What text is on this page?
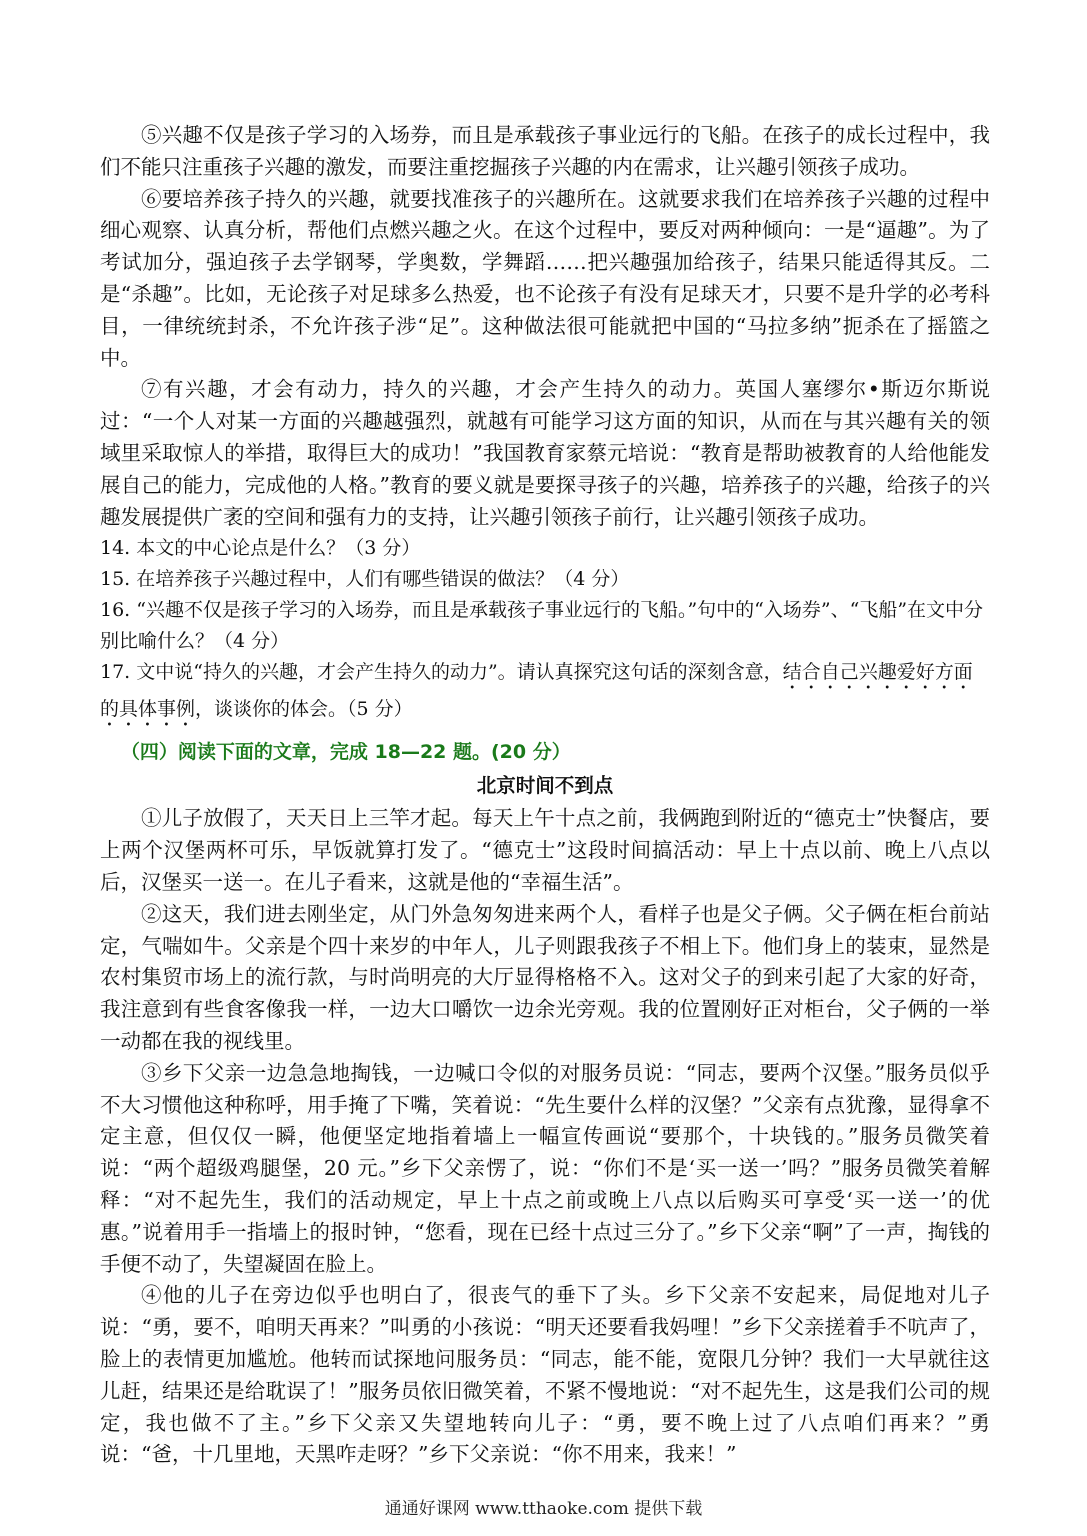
⑤兴趣不仅是孩子学习的入场券，而且是承载孩子事业远行的飞船。在孩子的成长过程中，我们不能只注重孩子兴趣的激发，而要注重挖掘孩子兴趣的内在需求，让兴趣引领孩子成功。

⑥要培养孩子持久的兴趣，就要找准孩子的兴趣所在。这就要求我们在培养孩子兴趣的过程中细心观察、认真分析，帮他们点燃兴趣之火。在这个过程中，要反对两种倾向：一是“逼趣”。为了考试加分，强迫孩子去学钢琴，学奥数，学舞蹈……把兴趣强加给孩子，结果只能适得其反。二是“杀趣”。比如，无论孩子对足球多么热爱，也不论孩子有没有足球天才，只要不是升学的必考科目，一律统统封杀，不允许孩子涉“足”。这种做法很可能就把中国的“马拉多纳”扼杀在了摇篮之中。

⑦有兴趣，才会有动力，持久的兴趣，才会产生持久的动力。英国人塞缪尔•斯迈尔斯说过：“一个人对某一方面的兴趣越强烈，就越有可能学习这方面的知识，从而在与其兴趣有关的领域里采取惊人的举措，取得巨大的成功！”我国教育家蔡元培说：“教育是帮助被教育的人给他能发展自己的能力，完成他的人格。”教育的要义就是要探寻孩子的兴趣，培养孩子的兴趣，给孩子的兴趣发展提供广袤的空间和强有力的支持，让兴趣引领孩子前行，让兴趣引领孩子成功。

14. 本文的中心论点是什么？（3 分）

15. 在培养孩子兴趣过程中，人们有哪些错误的做法？（4 分）

16. “兴趣不仅是孩子学习的入场券，而且是承载孩子事业远行的飞船。”句中的“入场券”、“飞船”在文中分别比喻什么？（4 分）

17. 文中说“持久的兴趣，才会产生持久的动力”。请认真探究这句话的深刻含意，结合自己兴趣爱好方面的具体事例，谈谈你的体会。（5 分）

（四）阅读下面的文章，完成 18—22 题。(20 分）

北京时间不到点

①儿子放假了，天天日上三竿才起。每天上午十点之前，我俩跑到附近的“德克士”快餐店，要上两个汉堡两杯可乐，早饭就算打发了。“德克士”这段时间搞活动：早上十点以前、晚上八点以后，汉堡买一送一。在儿子看来，这就是他的“幸福生活”。

②这天，我们进去刚坐定，从门外急匆匆进来两个人，看样子也是父子俩。父子俩在柜台前站定，气喘如牛。父亲是个四十来岁的中年人，儿子则跟我孩子不相上下。他们身上的装束，显然是农村集贸市场上的流行款，与时尚明亮的大厅显得格格不入。这对父子的到来引起了大家的好奇，我注意到有些食客像我一样，一边大口嚼饮一边余光旁观。我的位置刚好正对柜台，父子俩的一举一动都在我的视线里。

③乡下父亲一边急急地掏钱，一边喊口令似的对服务员说：“同志，要两个汉堡。”服务员似乎不大习惯他这种称呼，用手掩了下嘴，笑着说：“先生要什么样的汉堡？”父亲有点犹豫，显得拿不定主意，但仅仅一瞬，他便坚定地指着墙上一幅宣传画说“要那个，十块钱的。”服务员微笑着说：“两个超级鸡腿堡，20 元。”乡下父亲愣了，说：“你们不是‘买一送一’吗？”服务员微笑着解释：“对不起先生，我们的活动规定，早上十点之前或晚上八点以后购买可享受‘买一送一’的优惠。”说着用手一指墙上的报时钟，“您看，现在已经十点过三分了。”乡下父亲“啊”了一声，掏钱的手便不动了，失望凝固在脸上。

④他的儿子在旁边似乎也明白了，很丧气的垂下了头。乡下父亲不安起来，局促地对儿子说：“勇，要不，咱明天再来？”叫勇的小孩说：“明天还要看我妈哩！”乡下父亲搓着手不吭声了，脸上的表情更加尴尬。他转而试探地问服务员：“同志，能不能，宽限几分钟？我们一大早就往这儿赶，结果还是给耽误了！”服务员依旧微笑着，不紧不慢地说：“对不起先生，这是我们公司的规定，我也做不了主。”乡下父亲又失望地转向儿子：“勇，要不晚上过了八点咱们再来？”勇说：“爸，十几里地，天黑咋走呀？”乡下父亲说：“你不用来，我来！”

通通好课网 www.tthaoke.com 提供下载
